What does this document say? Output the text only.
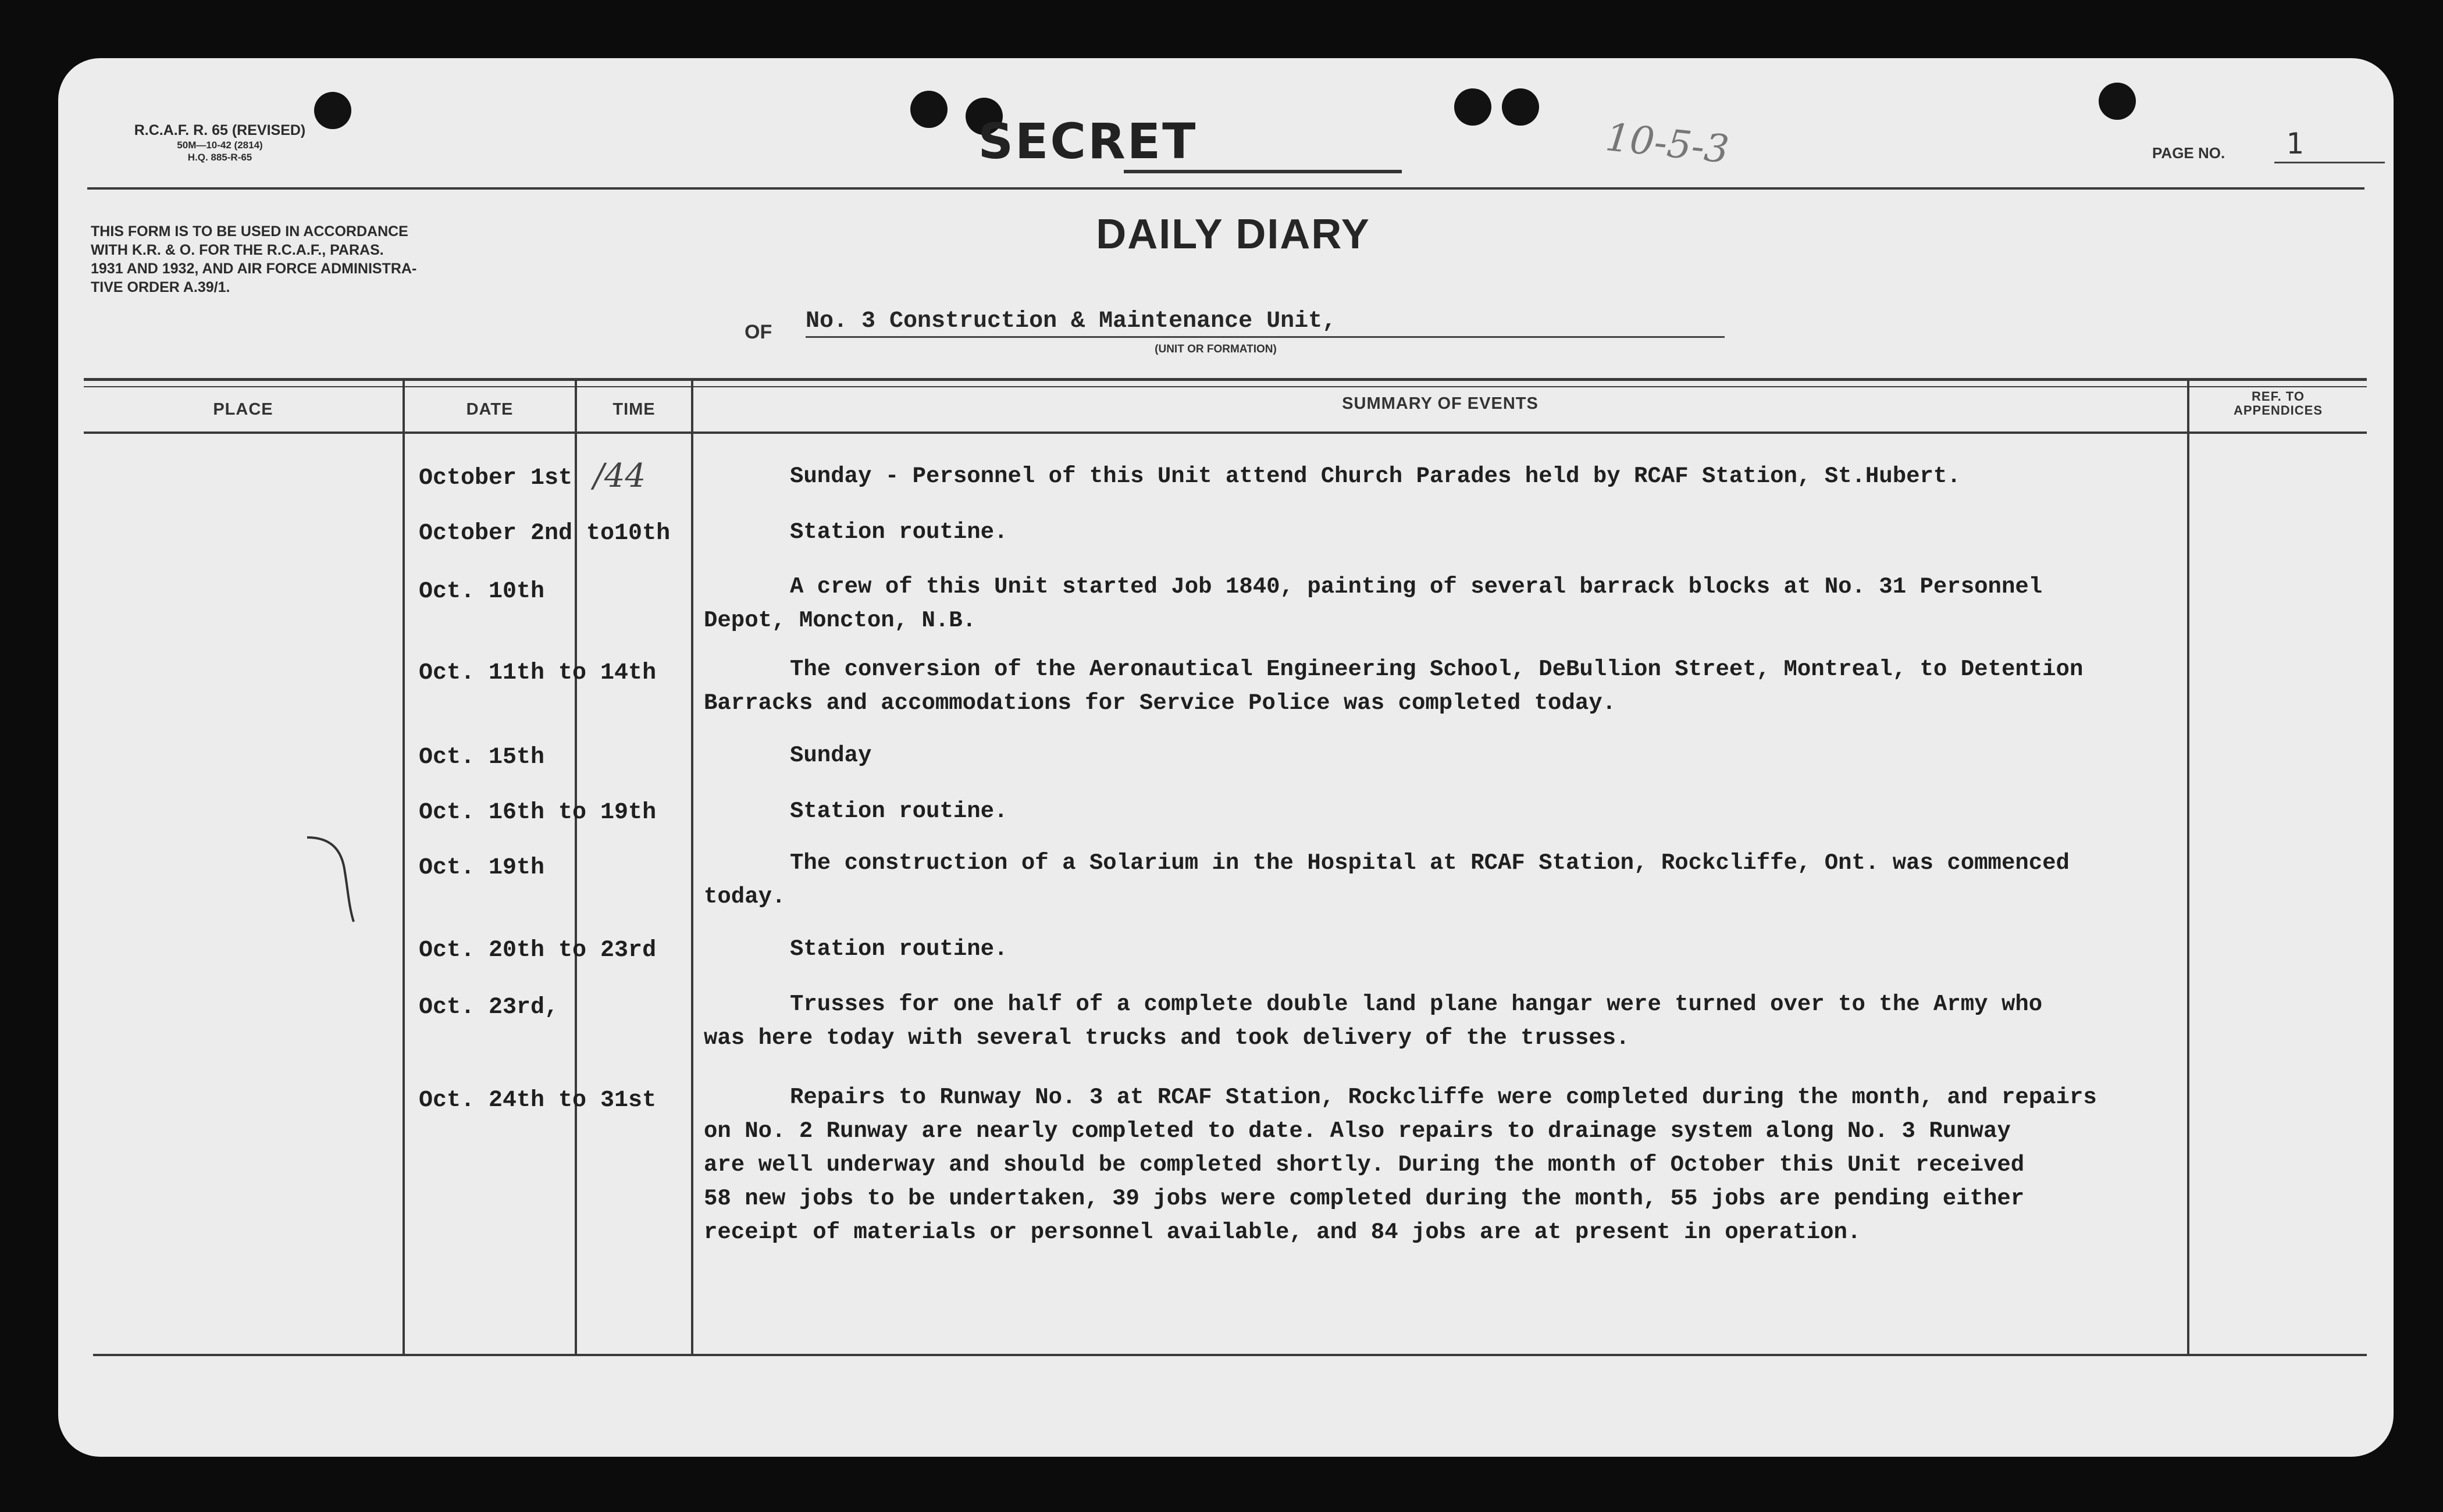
R.C.A.F. R. 65 (REVISED)
50M—10-42 (2814)
H.Q. 885-R-65	SECRET	10-5-3	PAGE NO. 1
THIS FORM IS TO BE USED IN ACCORDANCE
WITH K.R. & O. FOR THE R.C.A.F., PARAS.
1931 AND 1932, AND AIR FORCE ADMINISTRA-
TIVE ORDER A.39/1.
DAILY DIARY
OF No. 3 Construction & Maintenance Unit,
(UNIT OR FORMATION)
PLACE	DATE	TIME	SUMMARY OF EVENTS	REF. TO
APPENDICES
October 1st /44	Sunday - Personnel of this Unit attend Church Parades held by RCAF Station, St.Hubert.
October 2nd to10th	Station routine.
Oct. 10th	A crew of this Unit started Job 1840, painting of several barrack blocks at No. 31 Personnel
Depot, Moncton, N.B.
Oct. 11th to 14th	The conversion of the Aeronautical Engineering School, DeBullion Street, Montreal, to Detention
Barracks and accommodations for Service Police was completed today.
Oct. 15th	Sunday
Oct. 16th to 19th	Station routine.
Oct. 19th	The construction of a Solarium in the Hospital at RCAF Station, Rockcliffe, Ont. was commenced
today.
Oct. 20th to 23rd	Station routine.
Oct. 23rd,	Trusses for one half of a complete double land plane hangar were turned over to the Army who
was here today with several trucks and took delivery of the trusses.
Oct. 24th to 31st	Repairs to Runway No. 3 at RCAF Station, Rockcliffe were completed during the month, and repairs
on No. 2 Runway are nearly completed to date. Also repairs to drainage system along No. 3 Runway
are well underway and should be completed shortly. During the month of October this Unit received
58 new jobs to be undertaken, 39 jobs were completed during the month, 55 jobs are pending either
receipt of materials or personnel available, and 84 jobs are at present in operation.
